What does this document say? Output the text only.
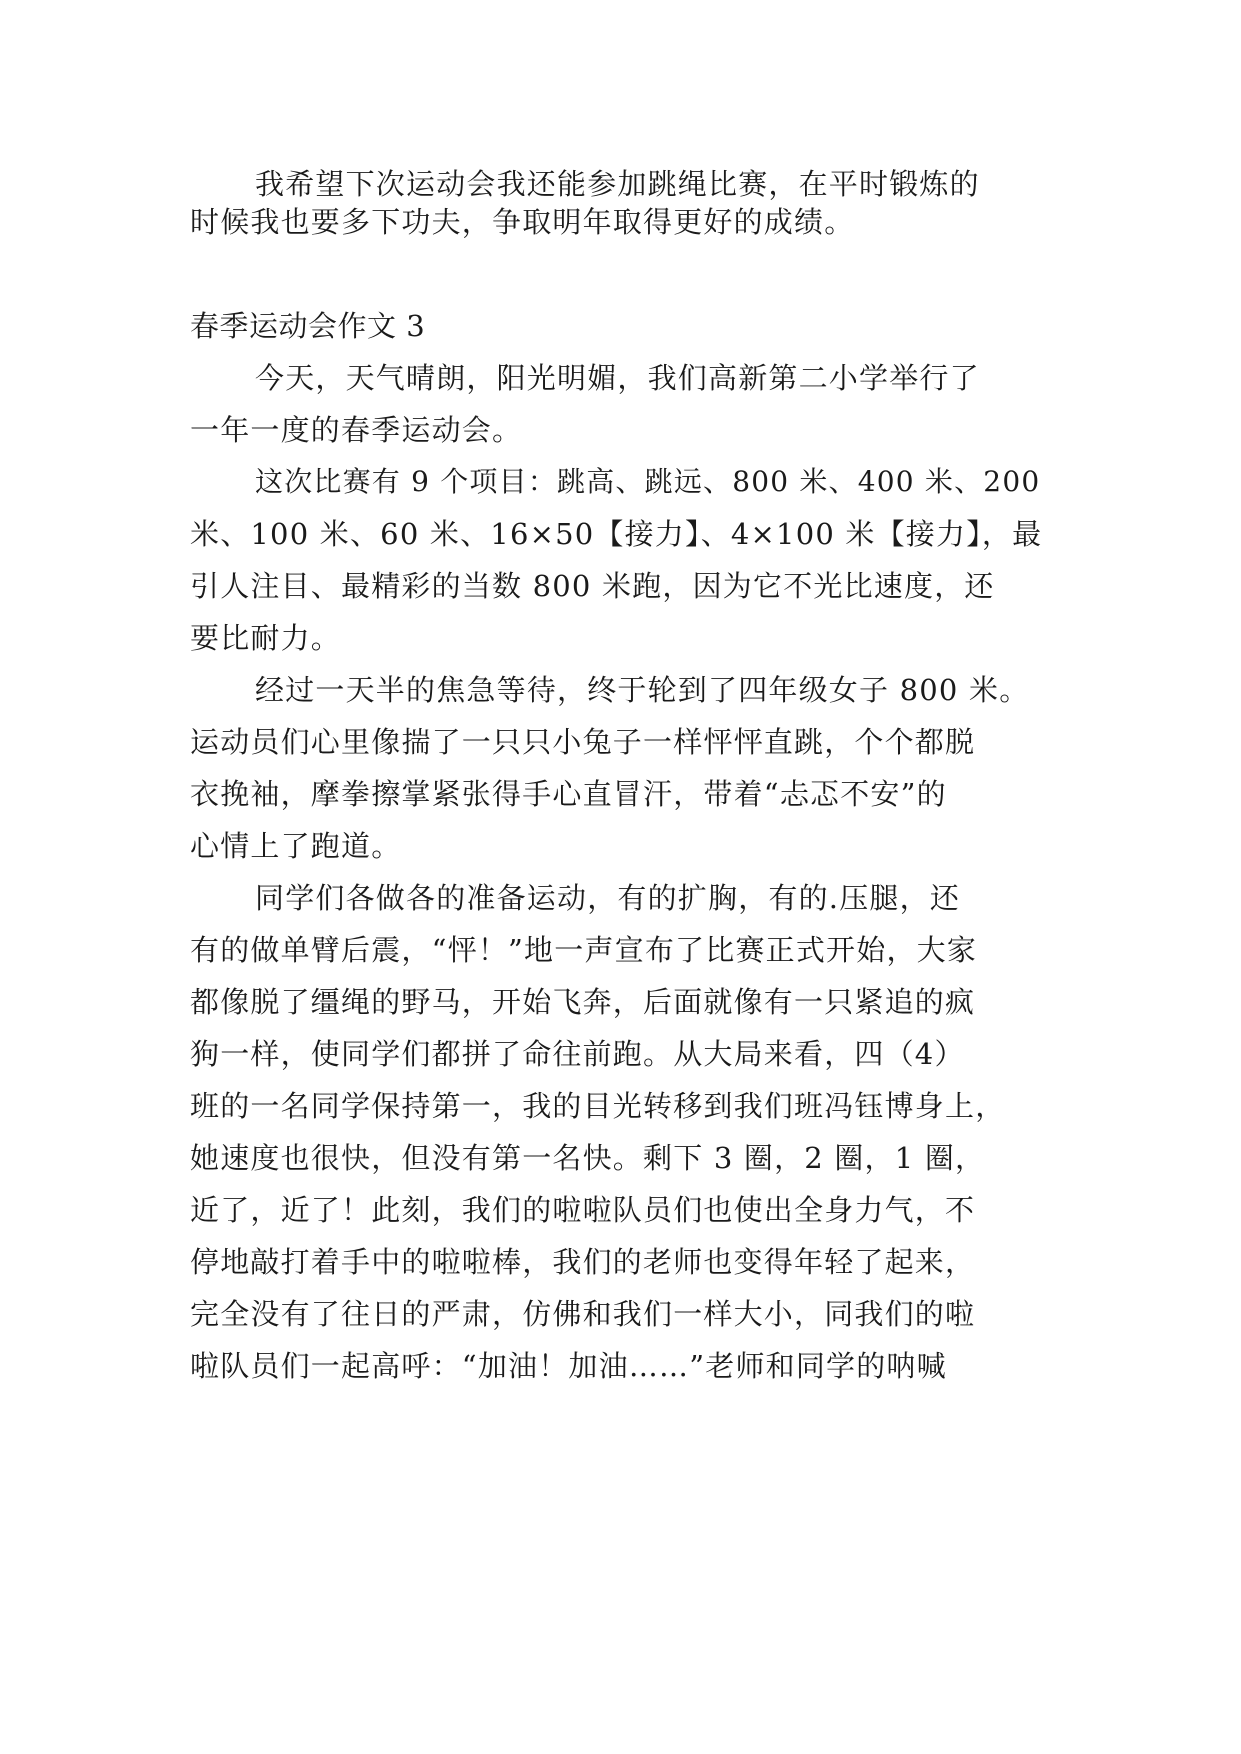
我希望下次运动会我还能参加跳绳比赛，在平时锻炼的
时候我也要多下功夫，争取明年取得更好的成绩。
春季运动会作文 3
今天，天气晴朗，阳光明媚，我们高新第二小学举行了
一年一度的春季运动会。
这次比赛有 9 个项目：跳高、跳远、800 米、400 米、200
米、100 米、60 米、16×50【接力】、4×100 米【接力】，最
引人注目、最精彩的当数 800 米跑，因为它不光比速度，还
要比耐力。
经过一天半的焦急等待，终于轮到了四年级女子 800 米。
运动员们心里像揣了一只只小兔子一样怦怦直跳，个个都脱
衣挽袖，摩拳擦掌紧张得手心直冒汗，带着“忐忑不安”的
心情上了跑道。
同学们各做各的准备运动，有的扩胸，有的.压腿，还
有的做单臂后震，“怦！”地一声宣布了比赛正式开始，大家
都像脱了缰绳的野马，开始飞奔，后面就像有一只紧追的疯
狗一样，使同学们都拼了命往前跑。从大局来看，四（4）
班的一名同学保持第一，我的目光转移到我们班冯钰博身上，
她速度也很快，但没有第一名快。剩下 3 圈，2 圈，1 圈，
近了，近了！此刻，我们的啦啦队员们也使出全身力气，不
停地敲打着手中的啦啦棒，我们的老师也变得年轻了起来，
完全没有了往日的严肃，仿佛和我们一样大小，同我们的啦
啦队员们一起高呼：“加油！加油……”老师和同学的呐喊
